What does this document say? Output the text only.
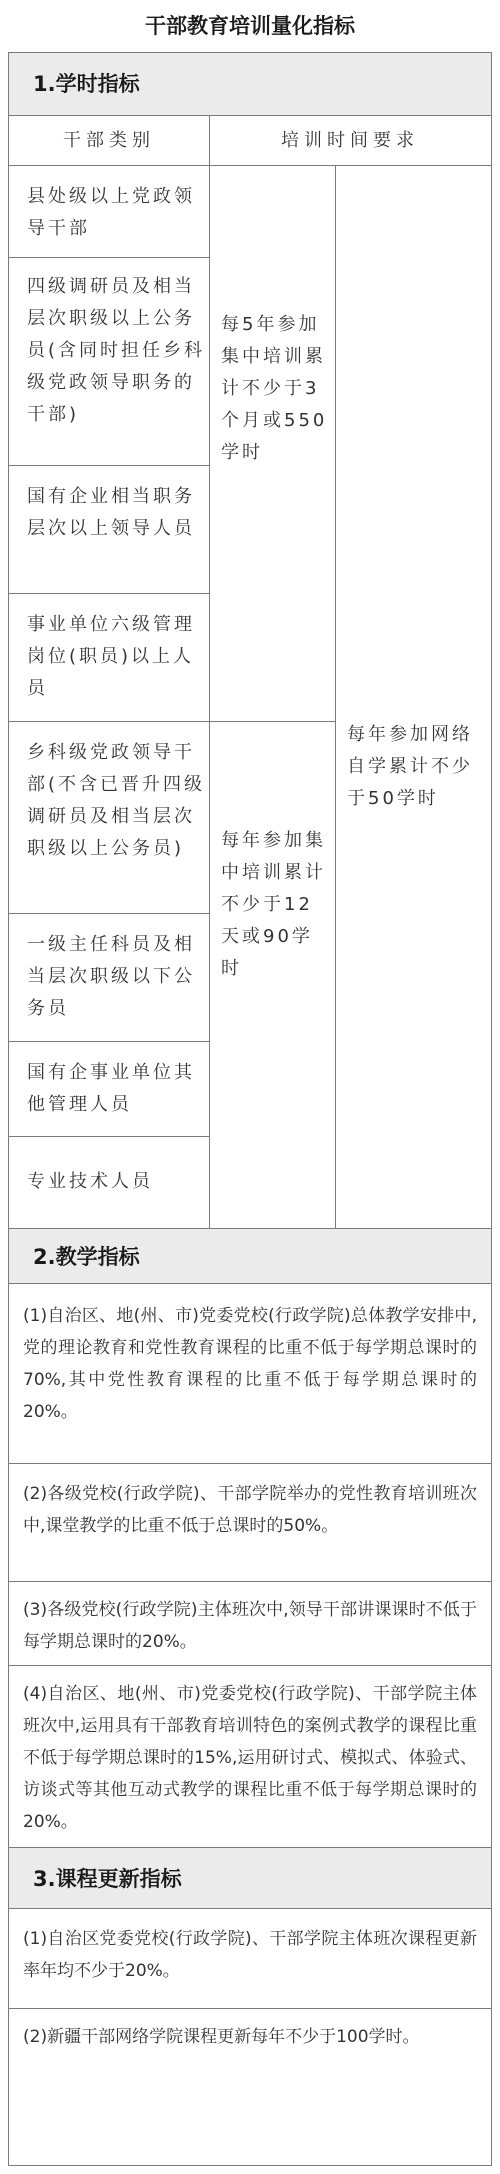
干部教育培训量化指标
1.学时指标
干部类别	培训时间要求
县处级以上党政领导干部
四级调研员及相当层次职级以上公务员(含同时担任乡科级党政领导职务的干部)
国有企业相当职务层次以上领导人员
事业单位六级管理岗位(职员)以上人员
乡科级党政领导干部(不含已晋升四级调研员及相当层次职级以上公务员)
一级主任科员及相当层次职级以下公务员
国有企事业单位其他管理人员
专业技术人员
每5年参加集中培训累计不少于3个月或550学时
每年参加集中培训累计不少于12天或90学时
每年参加网络自学累计不少于50学时
2.教学指标
(1)自治区、地(州、市)党委党校(行政学院)总体教学安排中,党的理论教育和党性教育课程的比重不低于每学期总课时的70%,其中党性教育课程的比重不低于每学期总课时的20%。
(2)各级党校(行政学院)、干部学院举办的党性教育培训班次中,课堂教学的比重不低于总课时的50%。
(3)各级党校(行政学院)主体班次中,领导干部讲课课时不低于每学期总课时的20%。
(4)自治区、地(州、市)党委党校(行政学院)、干部学院主体班次中,运用具有干部教育培训特色的案例式教学的课程比重不低于每学期总课时的15%,运用研讨式、模拟式、体验式、访谈式等其他互动式教学的课程比重不低于每学期总课时的20%。
3.课程更新指标
(1)自治区党委党校(行政学院)、干部学院主体班次课程更新率年均不少于20%。
(2)新疆干部网络学院课程更新每年不少于100学时。
